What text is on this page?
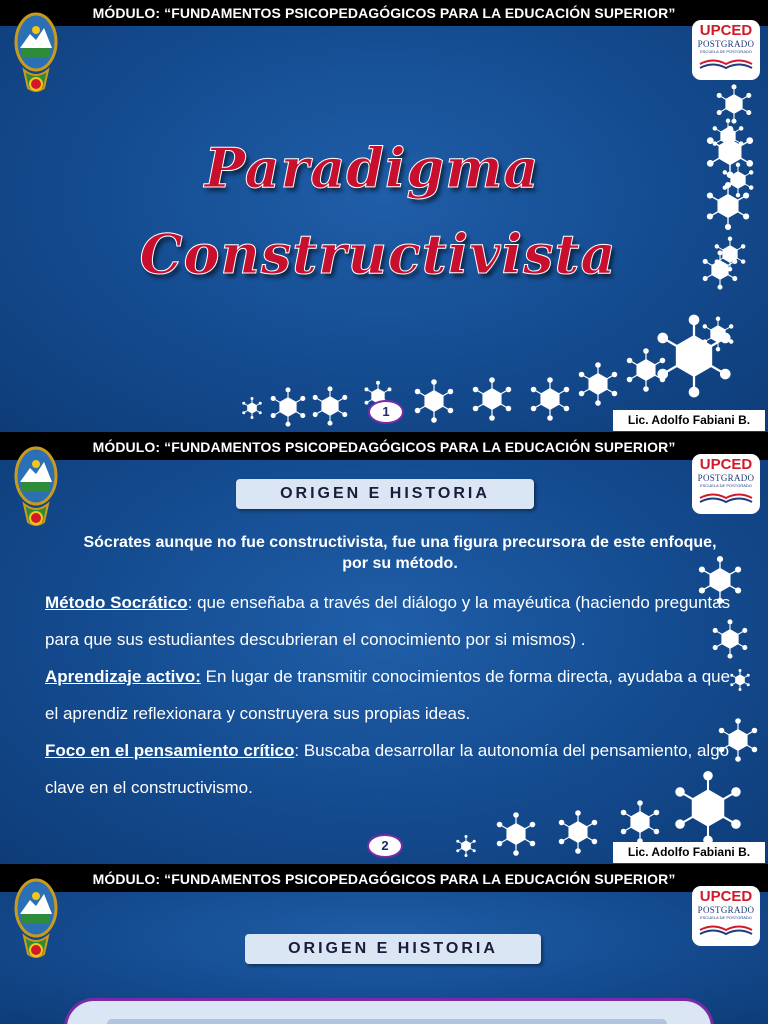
MÓDULO: “FUNDAMENTOS PSICOPEDAGÓGICOS PARA LA EDUCACIÓN SUPERIOR”
UPCED
POSTGRADO
ESCUELA DE POSTGRADO
Paradigma
Constructivista
1
Lic. Adolfo Fabiani B.
MÓDULO: “FUNDAMENTOS PSICOPEDAGÓGICOS PARA LA EDUCACIÓN SUPERIOR”
UPCED
POSTGRADO
ESCUELA DE POSTGRADO
ORIGEN E HISTORIA
Sócrates aunque no fue constructivista, fue una figura precursora de este enfoque, por su método.
Método Socrático: que enseñaba a través del diálogo y la mayéutica (haciendo preguntas para que sus estudiantes descubrieran el conocimiento por si mismos) .
Aprendizaje activo: En lugar de transmitir conocimientos de forma directa, ayudaba a que el aprendiz reflexionara y construyera sus propias ideas.
Foco en el pensamiento crítico: Buscaba desarrollar la autonomía del pensamiento, algo clave en el constructivismo.
2	Lic. Adolfo Fabiani B.
MÓDULO: “FUNDAMENTOS PSICOPEDAGÓGICOS PARA LA EDUCACIÓN SUPERIOR”
UPCED
POSTGRADO
ESCUELA DE POSTGRADO
ORIGEN E HISTORIA
